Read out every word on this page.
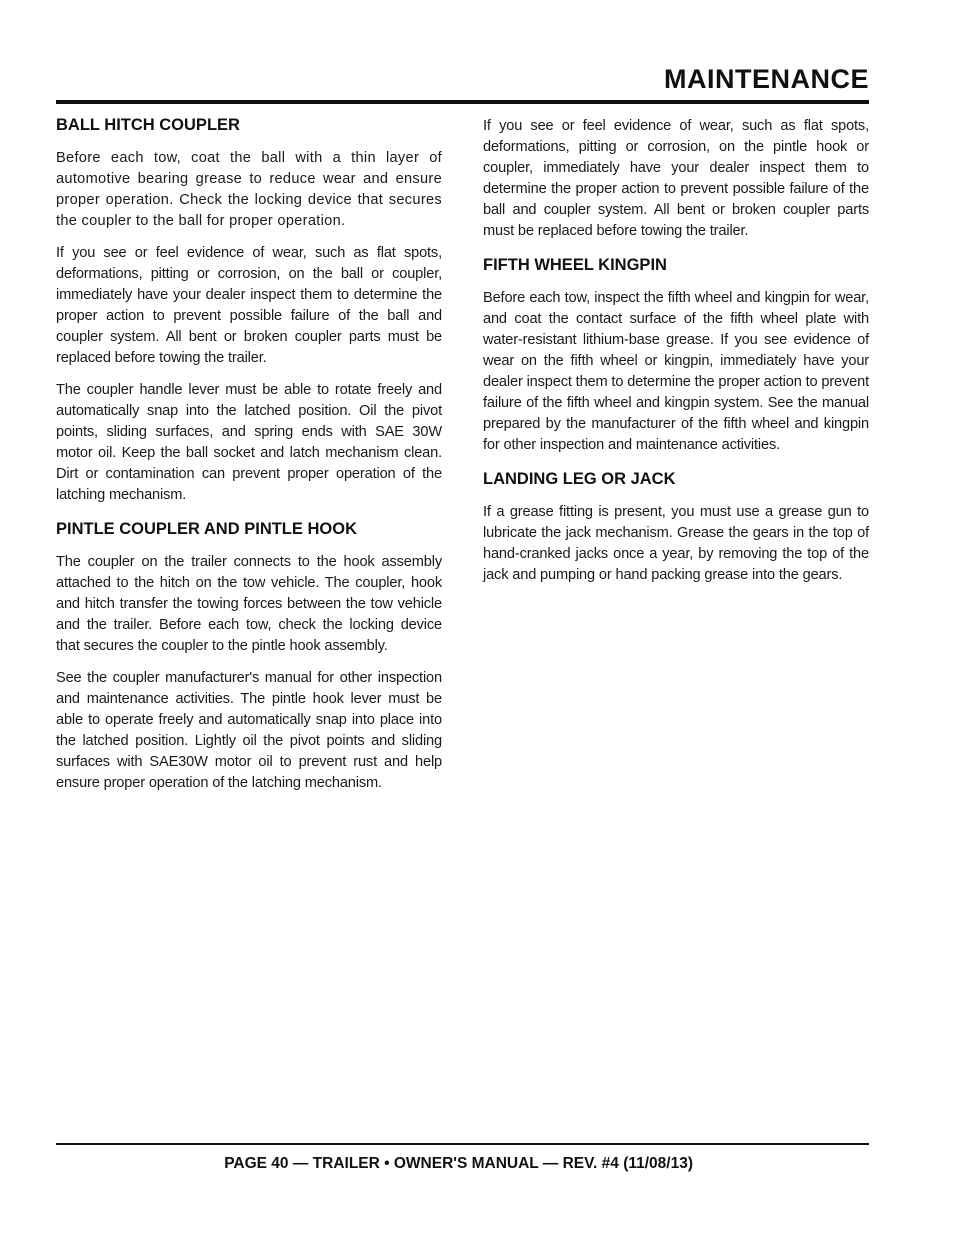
MAINTENANCE
BALL HITCH COUPLER

Before each tow, coat the ball with a thin layer of automotive bearing grease to reduce wear and ensure proper operation. Check the locking device that secures the coupler to the ball for proper operation.

If you see or feel evidence of wear, such as flat spots, deformations, pitting or corrosion, on the ball or coupler, immediately have your dealer inspect them to determine the proper action to prevent possible failure of the ball and coupler system. All bent or broken coupler parts must be replaced before towing the trailer.

The coupler handle lever must be able to rotate freely and automatically snap into the latched position. Oil the pivot points, sliding surfaces, and spring ends with SAE 30W motor oil. Keep the ball socket and latch mechanism clean. Dirt or contamination can prevent proper operation of the latching mechanism.

PINTLE COUPLER AND PINTLE HOOK

The coupler on the trailer connects to the hook assembly attached to the hitch on the tow vehicle. The coupler, hook and hitch transfer the towing forces between the tow vehicle and the trailer. Before each tow, check the locking device that secures the coupler to the pintle hook assembly.

See the coupler manufacturer's manual for other inspection and maintenance activities. The pintle hook lever must be able to operate freely and automatically snap into place into the latched position. Lightly oil the pivot points and sliding surfaces with SAE30W motor oil to prevent rust and help ensure proper operation of the latching mechanism.

If you see or feel evidence of wear, such as flat spots, deformations, pitting or corrosion, on the pintle hook or coupler, immediately have your dealer inspect them to determine the proper action to prevent possible failure of the ball and coupler system. All bent or broken coupler parts must be replaced before towing the trailer.

FIFTH WHEEL KINGPIN

Before each tow, inspect the fifth wheel and kingpin for wear, and coat the contact surface of the fifth wheel plate with water-resistant lithium-base grease. If you see evidence of wear on the fifth wheel or kingpin, immediately have your dealer inspect them to determine the proper action to prevent failure of the fifth wheel and kingpin system. See the manual prepared by the manufacturer of the fifth wheel and kingpin for other inspection and maintenance activities.

LANDING LEG OR JACK

If a grease fitting is present, you must use a grease gun to lubricate the jack mechanism. Grease the gears in the top of hand-cranked jacks once a year, by removing the top of the jack and pumping or hand packing grease into the gears.

PAGE 40 — TRAILER • OWNER'S MANUAL — REV. #4 (11/08/13)
